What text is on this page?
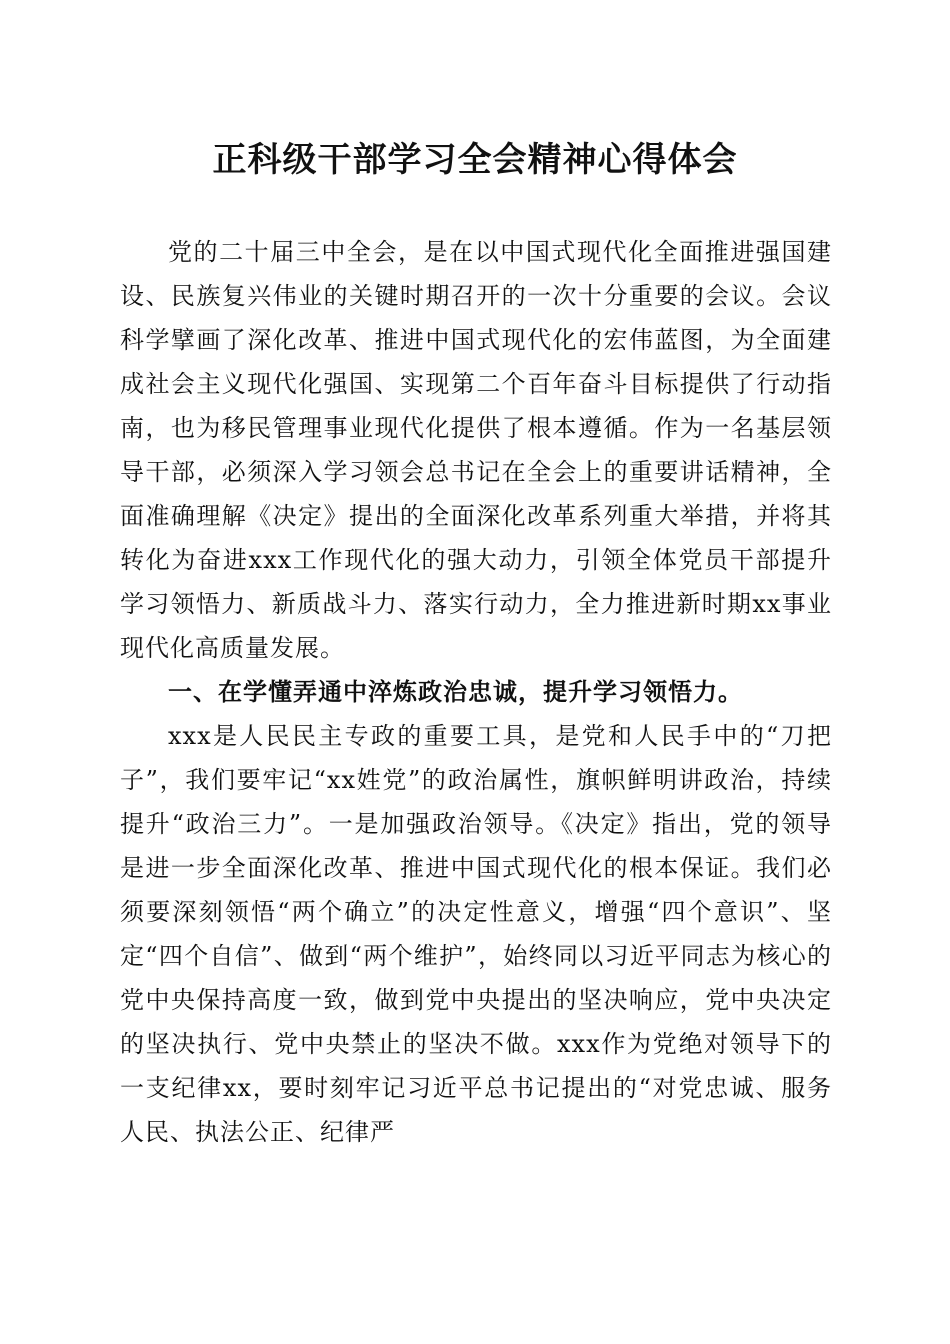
正科级干部学习全会精神心得体会

党的二十届三中全会，是在以中国式现代化全面推进强国建设、民族复兴伟业的关键时期召开的一次十分重要的会议。会议科学擘画了深化改革、推进中国式现代化的宏伟蓝图，为全面建成社会主义现代化强国、实现第二个百年奋斗目标提供了行动指南，也为移民管理事业现代化提供了根本遵循。作为一名基层领导干部，必须深入学习领会总书记在全会上的重要讲话精神，全面准确理解《决定》提出的全面深化改革系列重大举措，并将其转化为奋进xxx工作现代化的强大动力，引领全体党员干部提升学习领悟力、新质战斗力、落实行动力，全力推进新时期xx事业现代化高质量发展。

一、在学懂弄通中淬炼政治忠诚，提升学习领悟力。

xxx是人民民主专政的重要工具，是党和人民手中的“刀把子”，我们要牢记“xx姓党”的政治属性，旗帜鲜明讲政治，持续提升“政治三力”。一是加强政治领导。《决定》指出，党的领导是进一步全面深化改革、推进中国式现代化的根本保证。我们必须要深刻领悟“两个确立”的决定性意义，增强“四个意识”、坚定“四个自信”、做到“两个维护”，始终同以习近平同志为核心的党中央保持高度一致，做到党中央提出的坚决响应，党中央决定的坚决执行、党中央禁止的坚决不做。xxx作为党绝对领导下的一支纪律xx，要时刻牢记习近平总书记提出的“对党忠诚、服务人民、执法公正、纪律严
